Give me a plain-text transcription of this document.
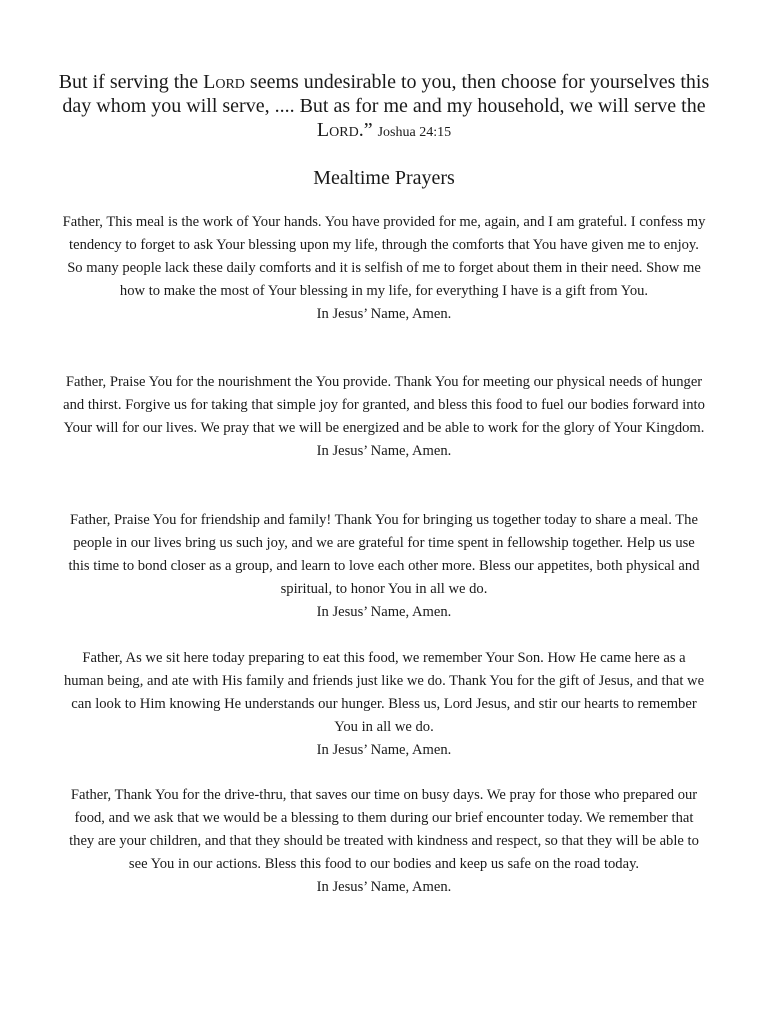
But if serving the Lord seems undesirable to you, then choose for yourselves this day whom you will serve, .... But as for me and my household, we will serve the Lord.” Joshua 24:15
Mealtime Prayers

Father, This meal is the work of Your hands. You have provided for me, again, and I am grateful. I confess my tendency to forget to ask Your blessing upon my life, through the comforts that You have given me to enjoy. So many people lack these daily comforts and it is selfish of me to forget about them in their need. Show me how to make the most of Your blessing in my life, for everything I have is a gift from You.

In Jesus’ Name, Amen.

Father, Praise You for the nourishment the You provide. Thank You for meeting our physical needs of hunger and thirst. Forgive us for taking that simple joy for granted, and bless this food to fuel our bodies forward into Your will for our lives. We pray that we will be energized and be able to work for the glory of Your Kingdom.

In Jesus’ Name, Amen.

Father, Praise You for friendship and family! Thank You for bringing us together today to share a meal. The people in our lives bring us such joy, and we are grateful for time spent in fellowship together. Help us use this time to bond closer as a group, and learn to love each other more. Bless our appetites, both physical and spiritual, to honor You in all we do.

In Jesus’ Name, Amen.

Father, As we sit here today preparing to eat this food, we remember Your Son. How He came here as a human being, and ate with His family and friends just like we do. Thank You for the gift of Jesus, and that we can look to Him knowing He understands our hunger. Bless us, Lord Jesus, and stir our hearts to remember You in all we do.

In Jesus’ Name, Amen.

Father, Thank You for the drive-thru, that saves our time on busy days. We pray for those who prepared our food, and we ask that we would be a blessing to them during our brief encounter today. We remember that they are your children, and that they should be treated with kindness and respect, so that they will be able to see You in our actions. Bless this food to our bodies and keep us safe on the road today.

In Jesus’ Name, Amen.
